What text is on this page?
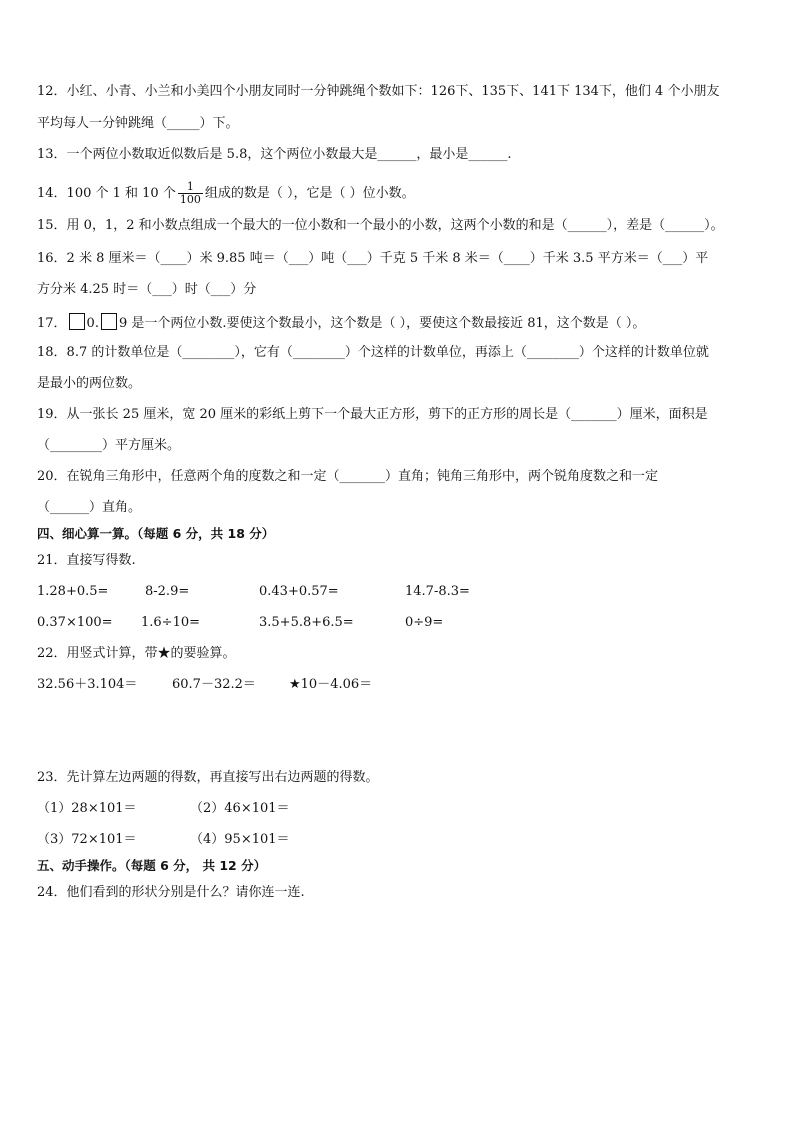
12．小红、小青、小兰和小美四个小朋友同时一分钟跳绳个数如下：126下、135下、141下 134下，他们 4 个小朋友
平均每人一分钟跳绳（_____）下。
13．一个两位小数取近似数后是 5.8，这个两位小数最大是______，最小是______.
14．100 个 1 和 10 个 $\frac{1}{100}$ 组成的数是（ ），它是（ ）位小数。
15．用 0，1，2 和小数点组成一个最大的一位小数和一个最小的小数，这两个小数的和是（______），差是（______）。
16．2 米 8 厘米＝（____）米 9.85 吨＝（___）吨（___）千克 5 千米 8 米＝（____）千米 3.5 平方米＝（___）平
方分米 4.25 时＝（___）时（___）分
17． 0. 9 是一个两位小数.要使这个数最小，这个数是（ ），要使这个数最接近 81，这个数是（ ）。
18．8.7 的计数单位是（________），它有（________）个这样的计数单位，再添上（________）个这样的计数单位就
是最小的两位数。
19．从一张长 25 厘米，宽 20 厘米的彩纸上剪下一个最大正方形，剪下的正方形的周长是（_______）厘米，面积是
（________）平方厘米。
20．在锐角三角形中，任意两个角的度数之和一定（_______）直角；钝角三角形中，两个锐角度数之和一定
（______）直角。
四、细心算一算。（每题 6 分，共 18 分）
21．直接写得数.
1.28+0.5=	8-2.9=	0.43+0.57=	14.7-8.3=
0.37×100= 1.6÷10=	3.5+5.8+6.5=	0÷9=
22．用竖式计算，带★的要验算。
32.56＋3.104＝	60.7－32.2＝	★10－4.06＝
23．先计算左边两题的得数，再直接写出右边两题的得数。
（1）28×101＝	（2）46×101＝
（3）72×101＝	（4）95×101＝
五、动手操作。（每题 6 分， 共 12 分）
24．他们看到的形状分别是什么？请你连一连.
